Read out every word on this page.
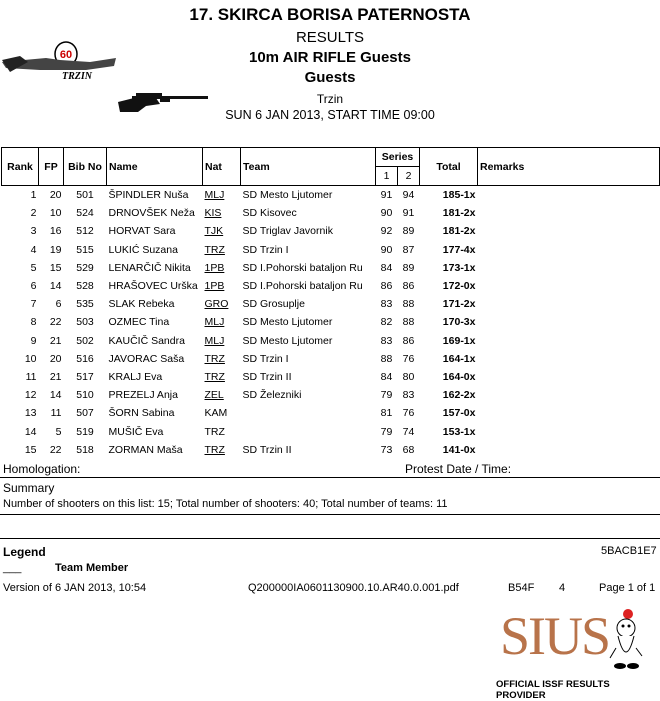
60
TRZIN
17. SKIRCA BORISA PATERNOSTA
RESULTS
10m AIR RIFLE Guests
Guests
Trzin
SUN 6 JAN 2013, START TIME 09:00
Rank	FP	Bib No	Name	Nat	Team	Series		Total	Remarks
						1	2		
1	20	501	ŠPINDLER Nuša	MLJ	SD Mesto Ljutomer	91	94	185-1x	
2	10	524	DRNOVŠEK Neža	KIS	SD Kisovec	90	91	181-2x	
3	16	512	HORVAT Sara	TJK	SD Triglav Javornik	92	89	181-2x	
4	19	515	LUKIĆ Suzana	TRZ	SD Trzin I	90	87	177-4x	
5	15	529	LENARČIČ Nikita	1PB	SD I.Pohorski bataljon Ru	84	89	173-1x	
6	14	528	HRAŠOVEC Urška	1PB	SD I.Pohorski bataljon Ru	86	86	172-0x	
7	6	535	SLAK Rebeka	GRO	SD Grosuplje	83	88	171-2x	
8	22	503	OZMEC Tina	MLJ	SD Mesto Ljutomer	82	88	170-3x	
9	21	502	KAUČIČ Sandra	MLJ	SD Mesto Ljutomer	83	86	169-1x	
10	20	516	JAVORAC Saša	TRZ	SD Trzin I	88	76	164-1x	
11	21	517	KRALJ Eva	TRZ	SD Trzin II	84	80	164-0x	
12	14	510	PREZELJ Anja	ZEL	SD Železniki	79	83	162-2x	
13	11	507	ŠORN Sabina	KAM		81	76	157-0x	
14	5	519	MUŠIČ Eva	TRZ		79	74	153-1x	
15	22	518	ZORMAN Maša	TRZ	SD Trzin II	73	68	141-0x	
Homologation:	Protest Date / Time:
Summary
Number of shooters on this list: 15; Total number of shooters: 40; Total number of teams: 11
Legend	5BACB1E7
___	Team Member
Version of 6 JAN 2013, 10:54	Q200000IA0601130900.10.AR40.0.001.pdf	B54F 4	Page 1 of 1
SIUS
OFFICIAL ISSF RESULTS PROVIDER
